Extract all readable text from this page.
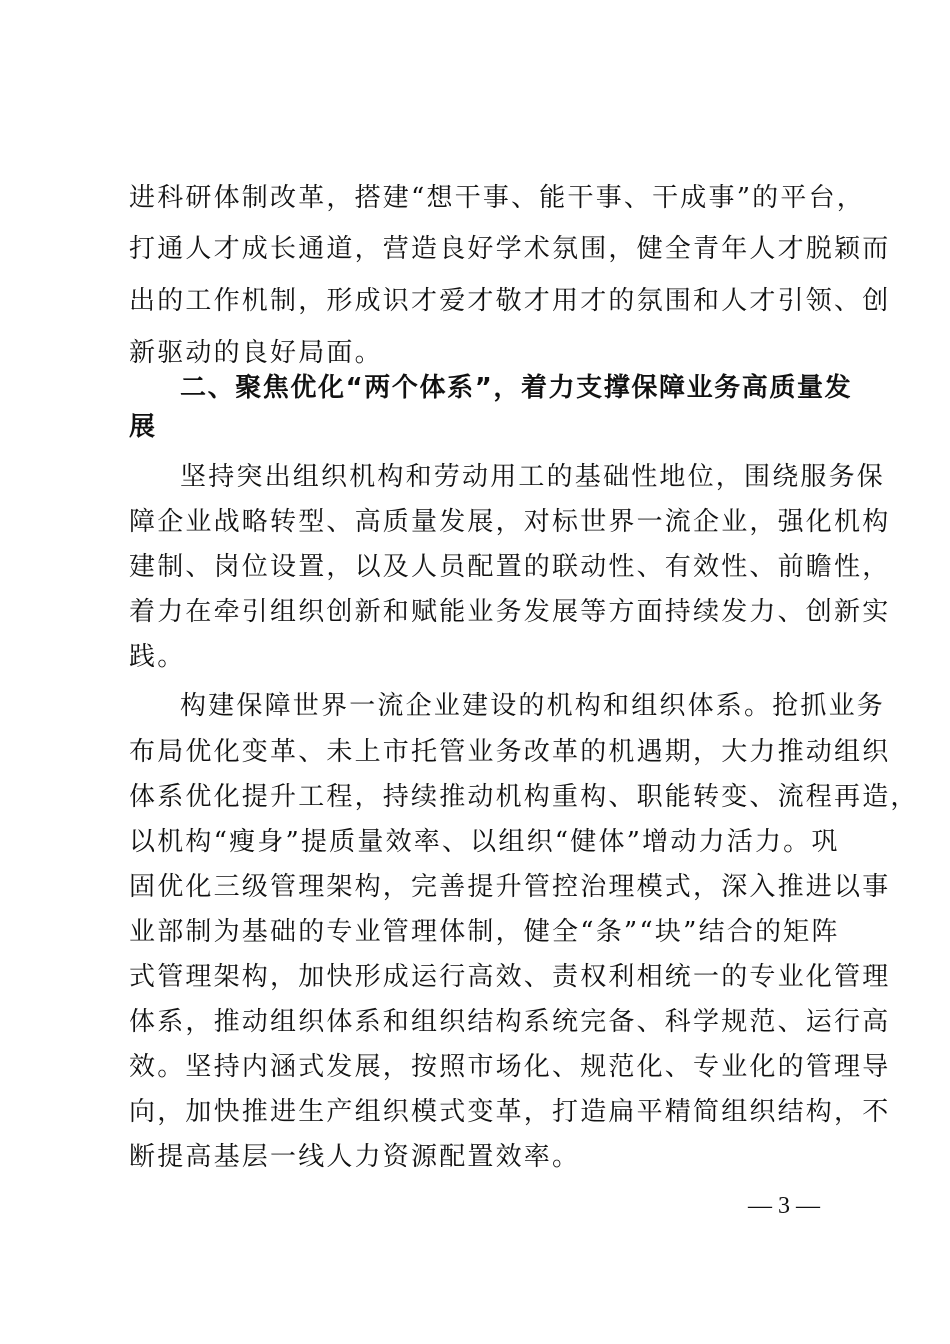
进科研体制改革，搭建“想干事、能干事、干成事”的平台，
打通人才成长通道，营造良好学术氛围，健全青年人才脱颖而
出的工作机制，形成识才爱才敬才用才的氛围和人才引领、创
新驱动的良好局面。
二、聚焦优化“两个体系”，着力支撑保障业务高质量发
展
坚持突出组织机构和劳动用工的基础性地位，围绕服务保
障企业战略转型、高质量发展，对标世界一流企业，强化机构
建制、岗位设置，以及人员配置的联动性、有效性、前瞻性，
着力在牵引组织创新和赋能业务发展等方面持续发力、创新实
践。
构建保障世界一流企业建设的机构和组织体系。抢抓业务
布局优化变革、未上市托管业务改革的机遇期，大力推动组织
体系优化提升工程，持续推动机构重构、职能转变、流程再造，
以机构“瘦身”提质量效率、以组织“健体”增动力活力。巩
固优化三级管理架构，完善提升管控治理模式，深入推进以事
业部制为基础的专业管理体制，健全“条”“块”结合的矩阵
式管理架构，加快形成运行高效、责权利相统一的专业化管理
体系，推动组织体系和组织结构系统完备、科学规范、运行高
效。坚持内涵式发展，按照市场化、规范化、专业化的管理导
向，加快推进生产组织模式变革，打造扁平精简组织结构，不
断提高基层一线人力资源配置效率。
— 3 —
